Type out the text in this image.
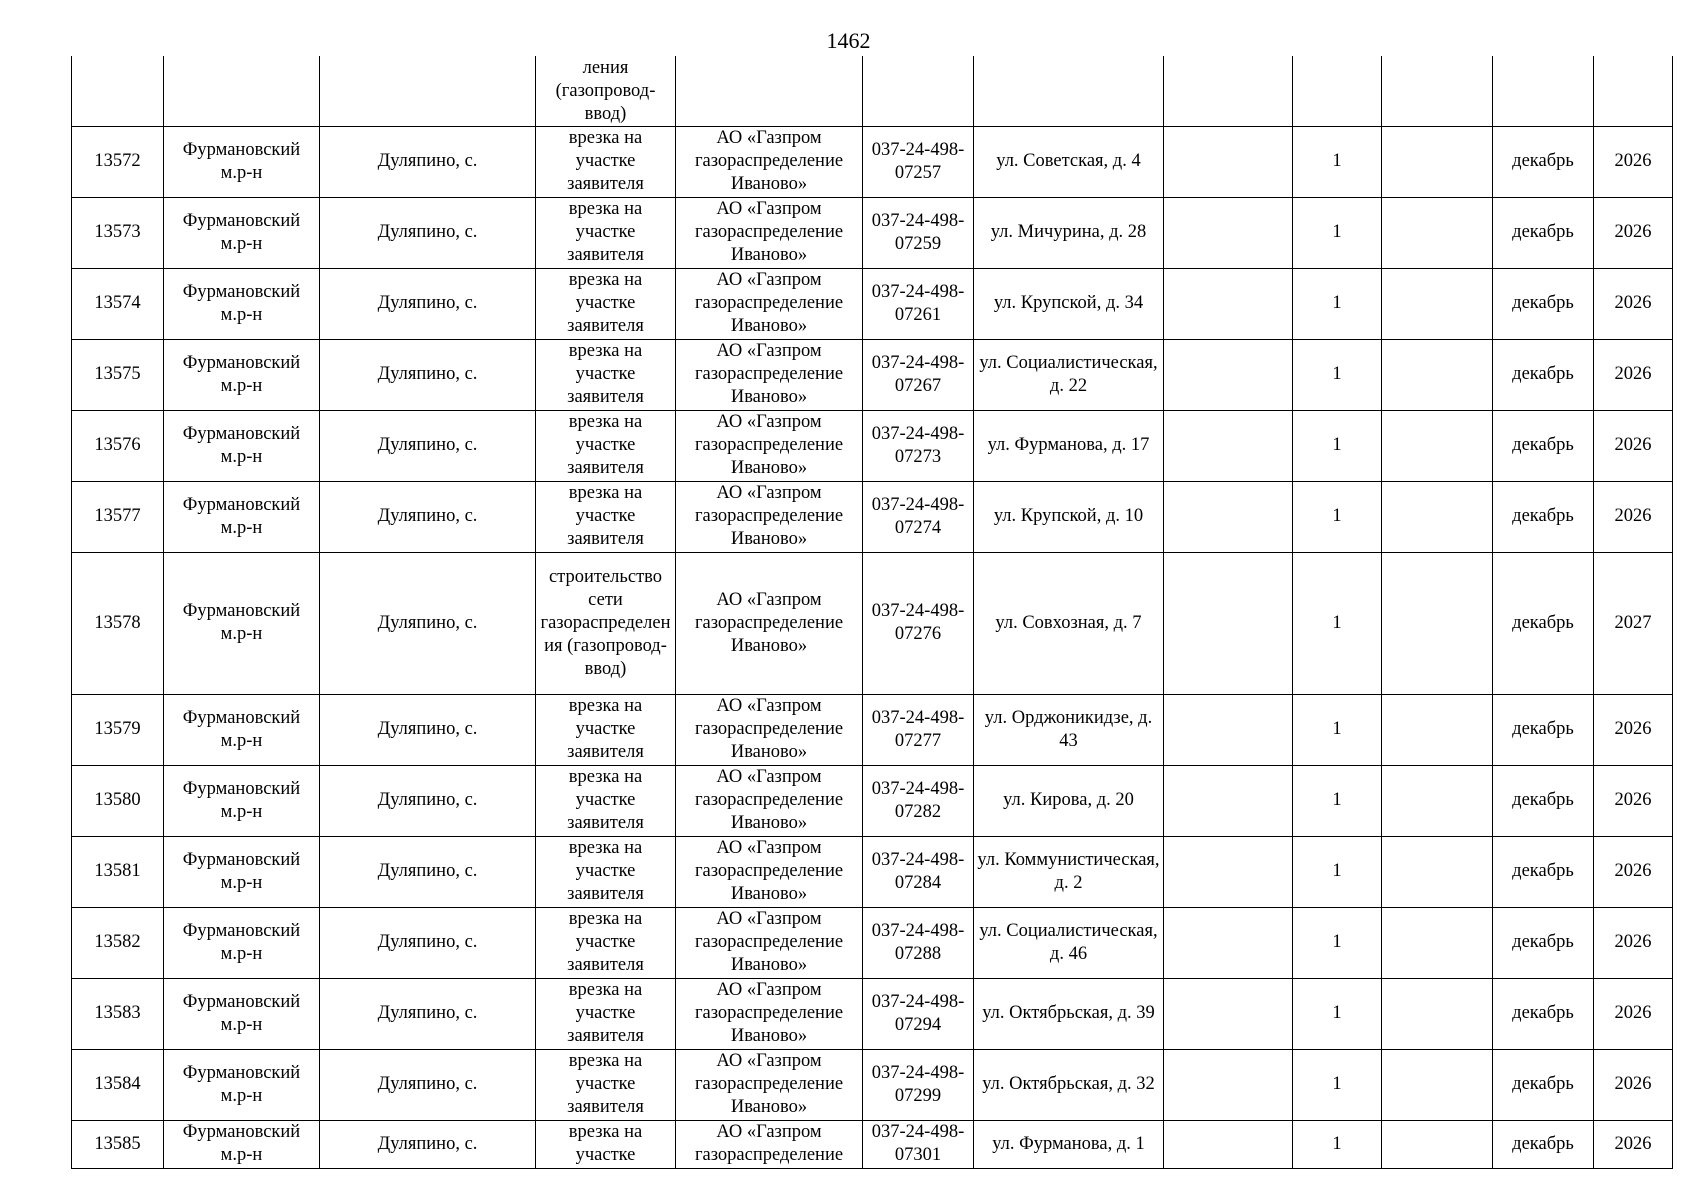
1462
			ления (газопровод-ввод)								
13572	Фурмановский м.р-н	Дуляпино, с.	врезка на участке заявителя	АО «Газпром газораспределение Иваново»	037-24-498-07257	ул. Советская, д. 4		1		декабрь	2026
13573	Фурмановский м.р-н	Дуляпино, с.	врезка на участке заявителя	АО «Газпром газораспределение Иваново»	037-24-498-07259	ул. Мичурина, д. 28		1		декабрь	2026
13574	Фурмановский м.р-н	Дуляпино, с.	врезка на участке заявителя	АО «Газпром газораспределение Иваново»	037-24-498-07261	ул. Крупской, д. 34		1		декабрь	2026
13575	Фурмановский м.р-н	Дуляпино, с.	врезка на участке заявителя	АО «Газпром газораспределение Иваново»	037-24-498-07267	ул. Социалистическая, д. 22		1		декабрь	2026
13576	Фурмановский м.р-н	Дуляпино, с.	врезка на участке заявителя	АО «Газпром газораспределение Иваново»	037-24-498-07273	ул. Фурманова, д. 17		1		декабрь	2026
13577	Фурмановский м.р-н	Дуляпино, с.	врезка на участке заявителя	АО «Газпром газораспределение Иваново»	037-24-498-07274	ул. Крупской, д. 10		1		декабрь	2026
13578	Фурмановский м.р-н	Дуляпино, с.	строительство сети газораспределения (газопровод-ввод)	АО «Газпром газораспределение Иваново»	037-24-498-07276	ул. Совхозная, д. 7		1		декабрь	2027
13579	Фурмановский м.р-н	Дуляпино, с.	врезка на участке заявителя	АО «Газпром газораспределение Иваново»	037-24-498-07277	ул. Орджоникидзе, д. 43		1		декабрь	2026
13580	Фурмановский м.р-н	Дуляпино, с.	врезка на участке заявителя	АО «Газпром газораспределение Иваново»	037-24-498-07282	ул. Кирова, д. 20		1		декабрь	2026
13581	Фурмановский м.р-н	Дуляпино, с.	врезка на участке заявителя	АО «Газпром газораспределение Иваново»	037-24-498-07284	ул. Коммунистическая, д. 2		1		декабрь	2026
13582	Фурмановский м.р-н	Дуляпино, с.	врезка на участке заявителя	АО «Газпром газораспределение Иваново»	037-24-498-07288	ул. Социалистическая, д. 46		1		декабрь	2026
13583	Фурмановский м.р-н	Дуляпино, с.	врезка на участке заявителя	АО «Газпром газораспределение Иваново»	037-24-498-07294	ул. Октябрьская, д. 39		1		декабрь	2026
13584	Фурмановский м.р-н	Дуляпино, с.	врезка на участке заявителя	АО «Газпром газораспределение Иваново»	037-24-498-07299	ул. Октябрьская, д. 32		1		декабрь	2026
13585	Фурмановский м.р-н	Дуляпино, с.	врезка на участке	АО «Газпром газораспределение	037-24-498-07301	ул. Фурманова, д. 1		1		декабрь	2026
